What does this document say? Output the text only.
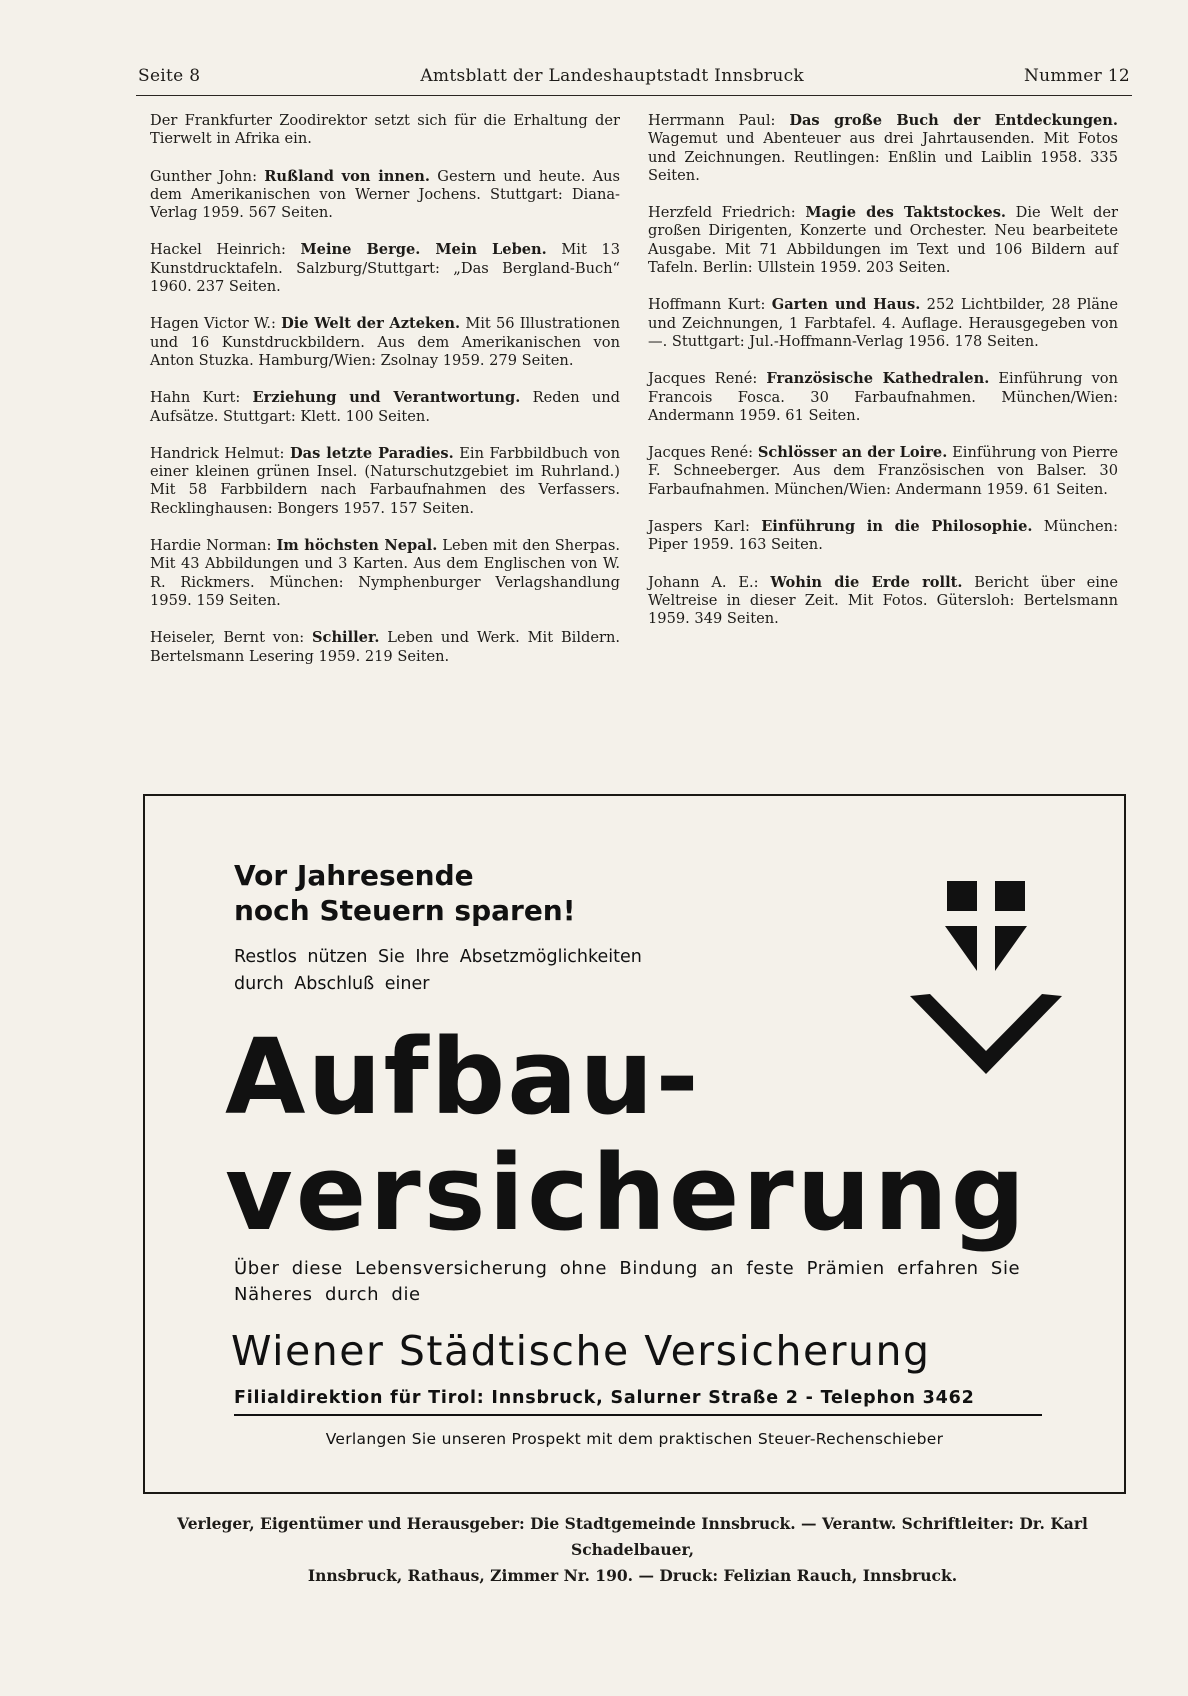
Seite 8	Amtsblatt der Landeshauptstadt Innsbruck	Nummer 12

Der Frankfurter Zoodirektor setzt sich für die Erhaltung der Tierwelt in Afrika ein.

Gunther John: Rußland von innen. Gestern und heute. Aus dem Amerikanischen von Werner Jochens. Stuttgart: Diana-Verlag 1959. 567 Seiten.

Hackel Heinrich: Meine Berge. Mein Leben. Mit 13 Kunstdrucktafeln. Salzburg/Stuttgart: „Das Bergland-Buch“ 1960. 237 Seiten.

Hagen Victor W.: Die Welt der Azteken. Mit 56 Illustrationen und 16 Kunstdruckbildern. Aus dem Amerikanischen von Anton Stuzka. Hamburg/Wien: Zsolnay 1959. 279 Seiten.

Hahn Kurt: Erziehung und Verantwortung. Reden und Aufsätze. Stuttgart: Klett. 100 Seiten.

Handrick Helmut: Das letzte Paradies. Ein Farbbildbuch von einer kleinen grünen Insel. (Naturschutzgebiet im Ruhrland.) Mit 58 Farbbildern nach Farbaufnahmen des Verfassers. Recklinghausen: Bongers 1957. 157 Seiten.

Hardie Norman: Im höchsten Nepal. Leben mit den Sherpas. Mit 43 Abbildungen und 3 Karten. Aus dem Englischen von W. R. Rickmers. München: Nymphenburger Verlagshandlung 1959. 159 Seiten.

Heiseler, Bernt von: Schiller. Leben und Werk. Mit Bildern. Bertelsmann Lesering 1959. 219 Seiten.

Herrmann Paul: Das große Buch der Entdeckungen. Wagemut und Abenteuer aus drei Jahrtausenden. Mit Fotos und Zeichnungen. Reutlingen: Enßlin und Laiblin 1958. 335 Seiten.

Herzfeld Friedrich: Magie des Taktstockes. Die Welt der großen Dirigenten, Konzerte und Orchester. Neu bearbeitete Ausgabe. Mit 71 Abbildungen im Text und 106 Bildern auf Tafeln. Berlin: Ullstein 1959. 203 Seiten.

Hoffmann Kurt: Garten und Haus. 252 Lichtbilder, 28 Pläne und Zeichnungen, 1 Farbtafel. 4. Auflage. Herausgegeben von —. Stuttgart: Jul.-Hoffmann-Verlag 1956. 178 Seiten.

Jacques René: Französische Kathedralen. Einführung von Francois Fosca. 30 Farbaufnahmen. München/Wien: Andermann 1959. 61 Seiten.

Jacques René: Schlösser an der Loire. Einführung von Pierre F. Schneeberger. Aus dem Französischen von Balser. 30 Farbaufnahmen. München/Wien: Andermann 1959. 61 Seiten.

Jaspers Karl: Einführung in die Philosophie. München: Piper 1959. 163 Seiten.

Johann A. E.: Wohin die Erde rollt. Bericht über eine Weltreise in dieser Zeit. Mit Fotos. Gütersloh: Bertelsmann 1959. 349 Seiten.

Vor Jahresende
noch Steuern sparen!
Restlos nützen Sie Ihre Absetzmöglichkeiten durch Abschluß einer
Aufbau-
versicherung
Über diese Lebensversicherung ohne Bindung an feste Prämien erfahren Sie Näheres durch die
Wiener Städtische Versicherung
Filialdirektion für Tirol: Innsbruck, Salurner Straße 2 - Telephon 3462
Verlangen Sie unseren Prospekt mit dem praktischen Steuer-Rechenschieber
Verleger, Eigentümer und Herausgeber: Die Stadtgemeinde Innsbruck. — Verantw. Schriftleiter: Dr. Karl Schadelbauer,
Innsbruck, Rathaus, Zimmer Nr. 190. — Druck: Felizian Rauch, Innsbruck.
